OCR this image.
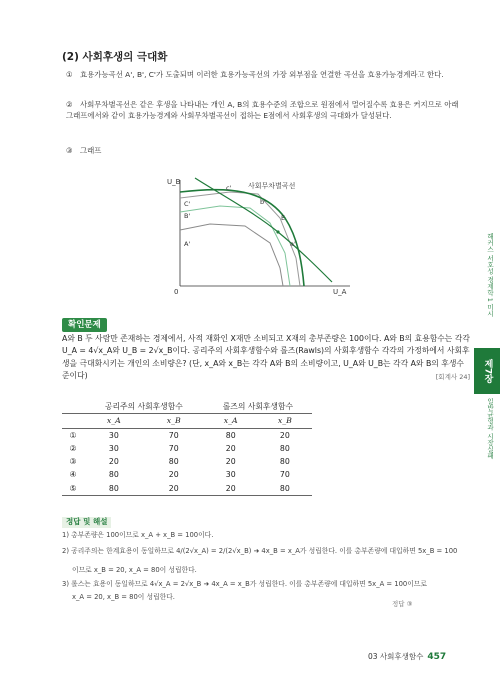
(2) 사회후생의 극대화
① 효용가능곡선 A', B', C'가 도출되며 이러한 효용가능곡선의 가장 외부점을 연결한 곡선을 효용가능경계라고 한다.
② 사회무차별곡선은 같은 후생을 나타내는 개인 A, B의 효용수준의 조합으로 원점에서 멀어질수록 효용은 커지므로 아래 그래프에서와 같이 효용가능경계와 사회무차별곡선이 접하는 E점에서 사회후생의 극대화가 달성된다.
③ 그래프
U_B
U_A
0
사회무차별곡선
c'
b'
E
a'
C'
B'
A'	해커스 서호성 경제학 1 미시
제7장
일반균형과 시장실패
확인문제
A와 B 두 사람만 존재하는 경제에서, 사적 재화인 X재만 소비되고 X재의 총부존량은 100이다. A와 B의 효용함수는 각각 U_A = 4√x_A와 U_B = 2√x_B이다. 공리주의 사회후생함수와 롤즈(Rawls)의 사회후생함수 각각의 가정하에서 사회후생을 극대화시키는 개인의 소비량은? (단, x_A와 x_B는 각각 A와 B의 소비량이고, U_A와 U_B는 각각 A와 B의 후생수준이다)	[회계사 24]
	공리주의 사회후생함수		롤즈의 사회후생함수	
	x_A	x_B	x_A	x_B
①	30	70	80	20
②	30	70	20	80
③	20	80	20	80
④	80	20	30	70
⑤	80	20	20	80
정답 및 해설
1) 총부존량은 100이므로 x_A + x_B = 100이다.
2) 공리주의는 한계효용이 동일하므로 4/(2√x_A) = 2/(2√x_B) ➜ 4x_B = x_A가 성립한다. 이를 총부존량에 대입하면 5x_B = 100
이므로 x_B = 20, x_A = 80이 성립한다.
3) 롤스는 효용이 동일하므로 4√x_A = 2√x_B ➜ 4x_A = x_B가 성립한다. 이를 총부존량에 대입하면 5x_A = 100이므로
x_A = 20, x_B = 80이 성립한다.
정답 ③
03 사회후생함수 457
